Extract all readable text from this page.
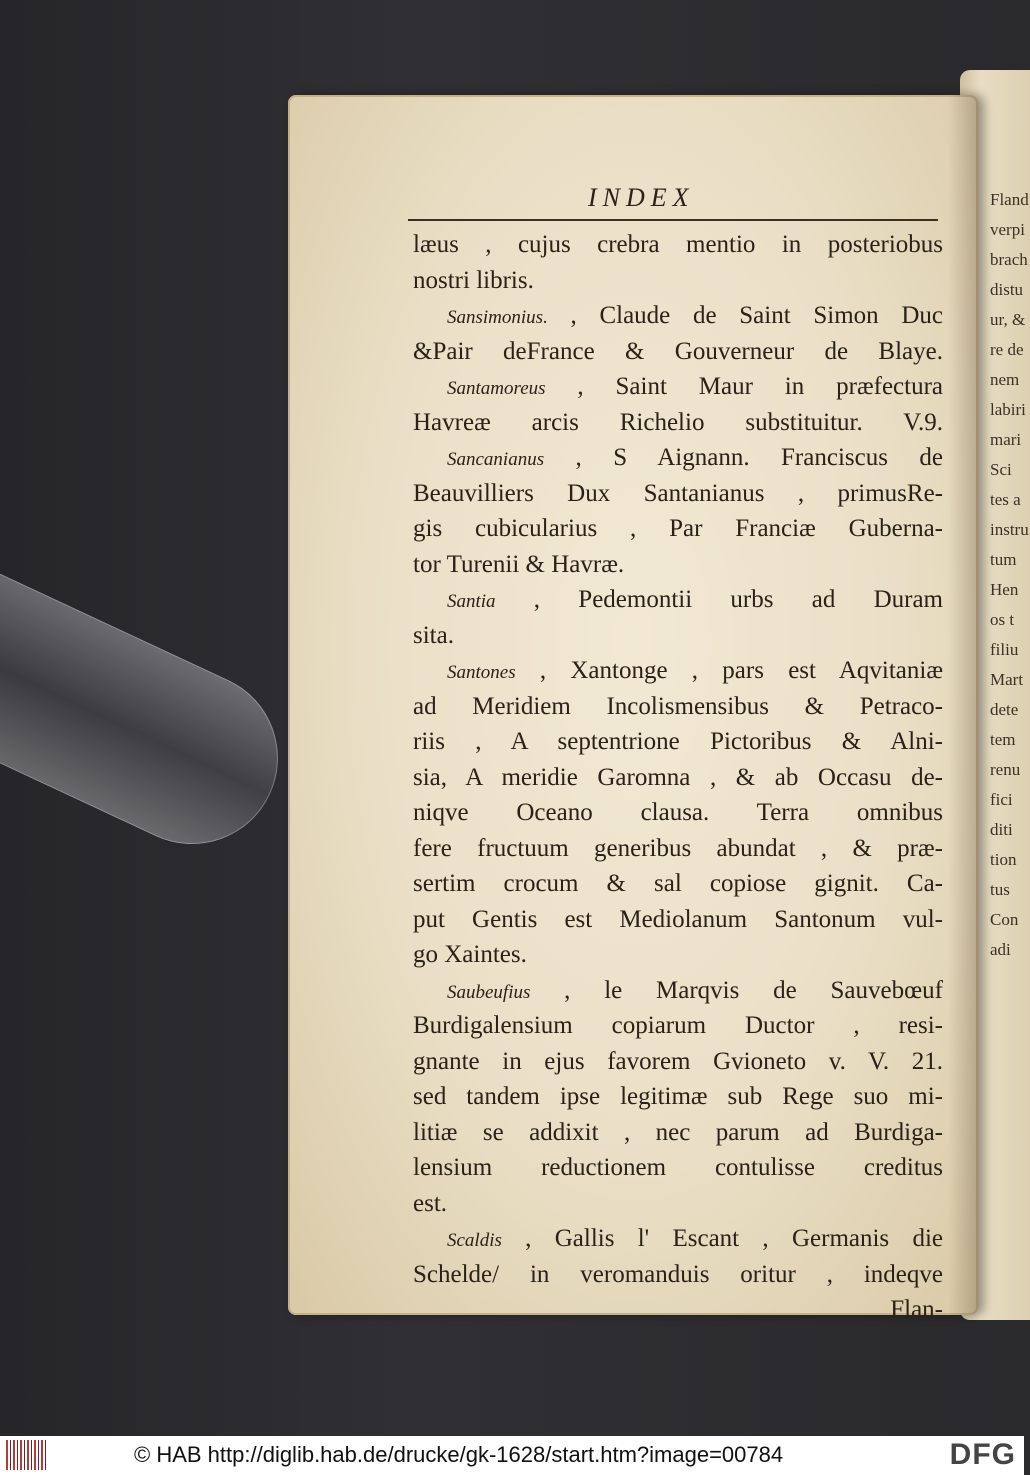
Fland
verpi
brach
distu
ur, &
re de
nem
labiri
mari
Sci
tes a
instru
tum
Hen
os t
filiu
Mart
dete
tem
renu
fici
diti
tion
tus
Con
adi
INDEX
læus , cujus crebra mentio in posteriobus
nostri libris.
Sansimonius. , Claude de Saint Simon Duc
&Pair deFrance & Gouverneur de Blaye.
Santamoreus , Saint Maur in præfectura
Havreæ arcis Richelio substituitur. V.9.
Sancanianus , S Aignann. Franciscus de
Beauvilliers Dux Santanianus , primusRe-
gis cubicularius , Par Franciæ Guberna-
tor Turenii & Havræ.
Santia , Pedemontii urbs ad Duram
sita.
Santones , Xantonge , pars est Aqvitaniæ
ad Meridiem Incolismensibus & Petraco-
riis , A septentrione Pictoribus & Alni-
sia, A meridie Garomna , & ab Occasu de-
niqve Oceano clausa. Terra omnibus
fere fructuum generibus abundat , & præ-
sertim crocum & sal copiose gignit. Ca-
put Gentis est Mediolanum Santonum vul-
go Xaintes.
Saubeufius , le Marqvis de Sauvebœuf
Burdigalensium copiarum Ductor , resi-
gnante in ejus favorem Gvioneto v. V. 21.
sed tandem ipse legitimæ sub Rege suo mi-
litiæ se addixit , nec parum ad Burdiga-
lensium reductionem contulisse creditus
est.
Scaldis , Gallis l' Escant , Germanis die
Schelde/ in veromanduis oritur , indeqve
Flan-
© HAB http://diglib.hab.de/drucke/gk-1628/start.htm?image=00784	DFG
